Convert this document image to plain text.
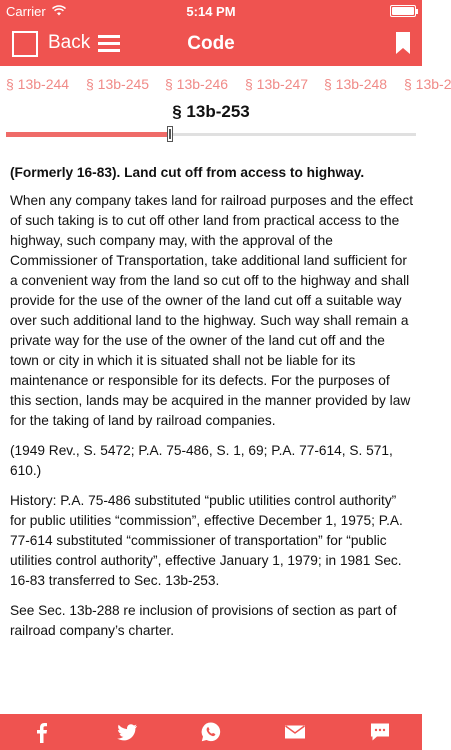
Carrier	5:14 PM
Back	Code
§ 13b-244 § 13b-245 § 13b-246 § 13b-247 § 13b-248 § 13b-2
§ 13b-253

(Formerly 16-83). Land cut off from access to highway.

When any company takes land for railroad purposes and the effect of such taking is to cut off other land from practical access to the highway, such company may, with the approval of the Commissioner of Transportation, take additional land sufficient for a convenient way from the land so cut off to the highway and shall provide for the use of the owner of the land cut off a suitable way over such additional land to the highway. Such way shall remain a private way for the use of the owner of the land cut off and the town or city in which it is situated shall not be liable for its maintenance or responsible for its defects. For the purposes of this section, lands may be acquired in the manner provided by law for the taking of land by railroad companies.

(1949 Rev., S. 5472; P.A. 75-486, S. 1, 69; P.A. 77-614, S. 571, 610.)

History: P.A. 75-486 substituted “public utilities control authority” for public utilities “commission”, effective December 1, 1975; P.A. 77-614 substituted “commissioner of transportation” for “public utilities control authority”, effective January 1, 1979; in 1981 Sec. 16-83 transferred to Sec. 13b-253.

See Sec. 13b-288 re inclusion of provisions of section as part of railroad company’s charter.
